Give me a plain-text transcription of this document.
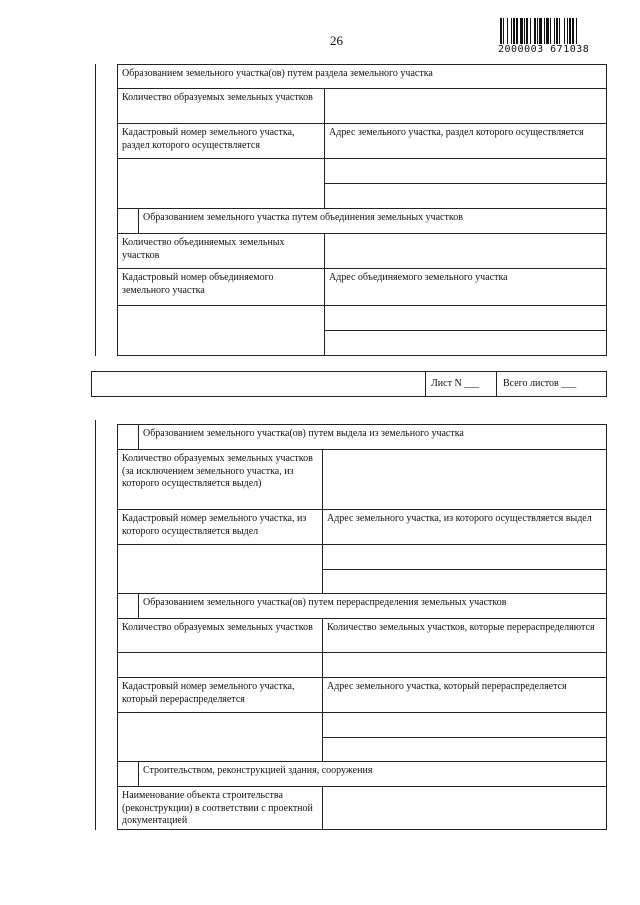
26
2000003 671038
Образованием земельного участка(ов) путем раздела земельного участка
Количество образуемых земельных участков
Кадастровый номер земельного участка, раздел которого осуществляется
Адрес земельного участка, раздел которого осуществляется
Образованием земельного участка путем объединения земельных участков
Количество объединяемых земельных участков
Кадастровый номер объединяемого земельного участка
Адрес объединяемого земельного участка
Лист N ___ Всего листов ___
Образованием земельного участка(ов) путем выдела из земельного участка
Количество образуемых земельных участков (за исключением земельного участка, из которого осуществляется выдел)
Кадастровый номер земельного участка, из которого осуществляется выдел
Адрес земельного участка, из которого осуществляется выдел
Образованием земельного участка(ов) путем перераспределения земельных участков
Количество образуемых земельных участков	Количество земельных участков, которые перераспределяются
Кадастровый номер земельного участка, который перераспределяется
Адрес земельного участка, который перераспределяется
Строительством, реконструкцией здания, сооружения
Наименование объекта строительства (реконструкции) в соответствии с проектной документацией
